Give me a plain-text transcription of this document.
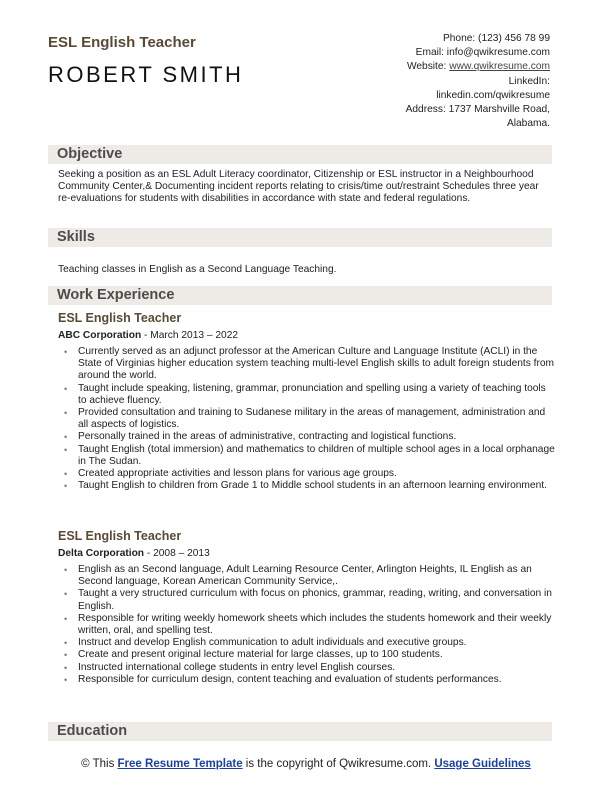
ESL English Teacher
ROBERT SMITH
Phone: (123) 456 78 99
Email: info@qwikresume.com
Website: www.qwikresume.com
LinkedIn:
linkedin.com/qwikresume
Address: 1737 Marshville Road,
Alabama.
Objective
Seeking a position as an ESL Adult Literacy coordinator, Citizenship or ESL instructor in a Neighbourhood Community Center,& Documenting incident reports relating to crisis/time out/restraint Schedules three year re-evaluations for students with disabilities in accordance with state and federal regulations.
Skills
Teaching classes in English as a Second Language Teaching.
Work Experience
ESL English Teacher
ABC Corporation - March 2013 – 2022
• Currently served as an adjunct professor at the American Culture and Language Institute (ACLI) in the State of Virginias higher education system teaching multi-level English skills to adult foreign students from around the world.
• Taught include speaking, listening, grammar, pronunciation and spelling using a variety of teaching tools to achieve fluency.
• Provided consultation and training to Sudanese military in the areas of management, administration and all aspects of logistics.
• Personally trained in the areas of administrative, contracting and logistical functions.
• Taught English (total immersion) and mathematics to children of multiple school ages in a local orphanage in The Sudan.
• Created appropriate activities and lesson plans for various age groups.
• Taught English to children from Grade 1 to Middle school students in an afternoon learning environment.
ESL English Teacher
Delta Corporation - 2008 – 2013
• English as an Second language, Adult Learning Resource Center, Arlington Heights, IL English as an Second language, Korean American Community Service,.
• Taught a very structured curriculum with focus on phonics, grammar, reading, writing, and conversation in English.
• Responsible for writing weekly homework sheets which includes the students homework and their weekly written, oral, and spelling test.
• Instruct and develop English communication to adult individuals and executive groups.
• Create and present original lecture material for large classes, up to 100 students.
• Instructed international college students in entry level English courses.
• Responsible for curriculum design, content teaching and evaluation of students performances.
Education
© This Free Resume Template is the copyright of Qwikresume.com. Usage Guidelines
